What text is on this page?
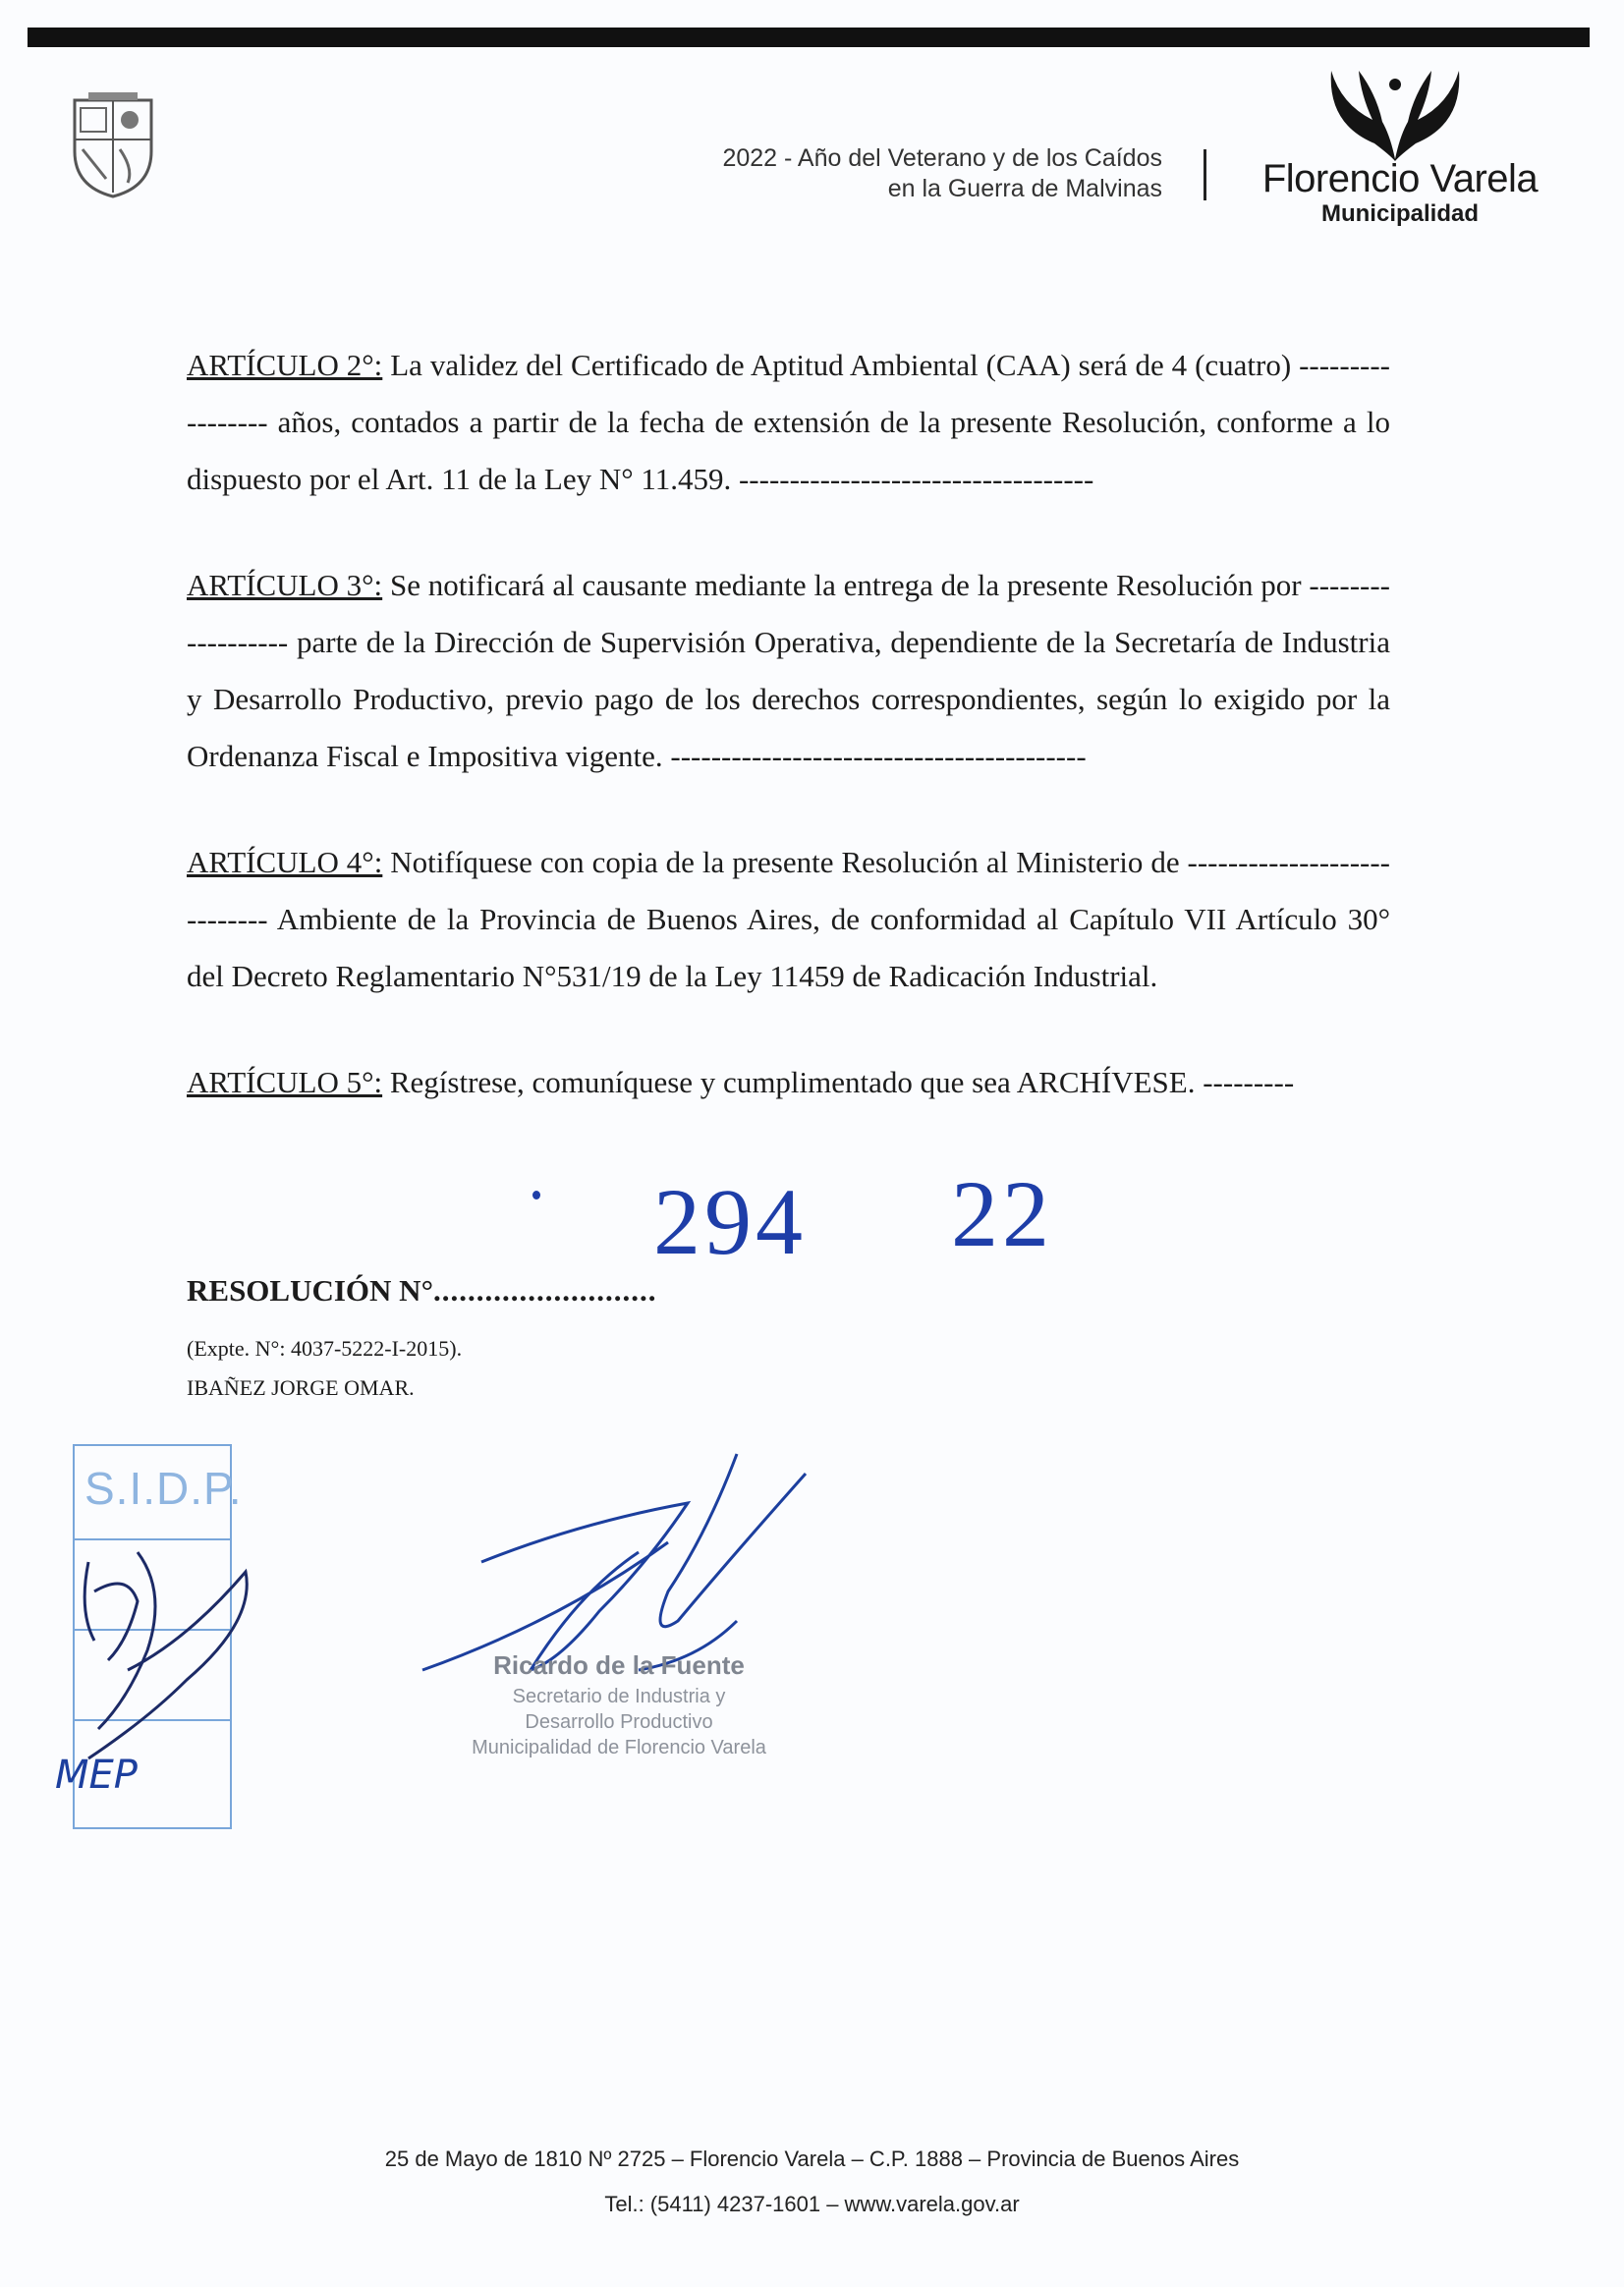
2022 - Año del Veterano y de los Caídos
en la Guerra de Malvinas	Florencio Varela
Municipalidad

ARTÍCULO 2°: La validez del Certificado de Aptitud Ambiental (CAA) será de 4 (cuatro) ----------------- años, contados a partir de la fecha de extensión de la presente Resolución, conforme a lo dispuesto por el Art. 11 de la Ley N° 11.459. -----------------------------------

ARTÍCULO 3°: Se notificará al causante mediante la entrega de la presente Resolución por ------------------ parte de la Dirección de Supervisión Operativa, dependiente de la Secretaría de Industria y Desarrollo Productivo, previo pago de los derechos correspondientes, según lo exigido por la Ordenanza Fiscal e Impositiva vigente. -----------------------------------------

ARTÍCULO 4°: Notifíquese con copia de la presente Resolución al Ministerio de ---------------------------- Ambiente de la Provincia de Buenos Aires, de conformidad al Capítulo VII Artículo 30° del Decreto Reglamentario N°531/19 de la Ley 11459 de Radicación Industrial.

ARTÍCULO 5°: Regístrese, comuníquese y cumplimentado que sea ARCHÍVESE. ---------

294 22
RESOLUCIÓN N°..........................
(Expte. N°: 4037-5222-I-2015).
IBAÑEZ JORGE OMAR.
S.I.D.P.
MEP
Ricardo de la Fuente
Secretario de Industria y
Desarrollo Productivo
Municipalidad de Florencio Varela
25 de Mayo de 1810 Nº 2725 – Florencio Varela – C.P. 1888 – Provincia de Buenos Aires
Tel.: (5411) 4237-1601 – www.varela.gov.ar
